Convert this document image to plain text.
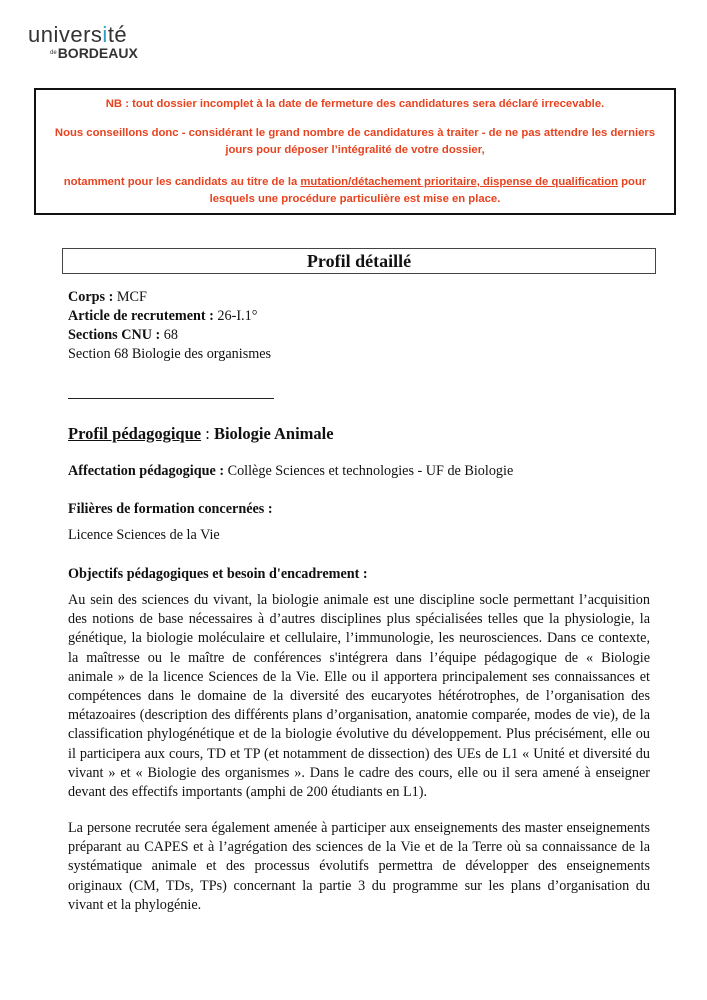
université
$^{de}$BORDEAUX

NB : tout dossier incomplet à la date de fermeture des candidatures sera déclaré irrecevable.

Nous conseillons donc - considérant le grand nombre de candidatures à traiter - de ne pas attendre les derniers
jours pour déposer l’intégralité de votre dossier,

notamment pour les candidats au titre de la mutation/détachement prioritaire, dispense de qualification pour
lesquels une procédure particulière est mise en place.

Profil détaillé
Corps : MCF
Article de recrutement : 26-I.1°
Sections CNU : 68
Section 68 Biologie des organismes
Profil pédagogique : Biologie Animale
Affectation pédagogique : Collège Sciences et technologies - UF de Biologie
Filières de formation concernées :
Licence Sciences de la Vie
Objectifs pédagogiques et besoin d'encadrement :
Au sein des sciences du vivant, la biologie animale est une discipline socle permettant l’acquisition
des notions de base nécessaires à d’autres disciplines plus spécialisées telles que la physiologie, la
génétique, la biologie moléculaire et cellulaire, l’immunologie, les neurosciences. Dans ce contexte,
la maîtresse ou le maître de conférences s'intégrera dans l’équipe pédagogique de « Biologie
animale » de la licence Sciences de la Vie. Elle ou il apportera principalement ses connaissances et
compétences dans le domaine de la diversité des eucaryotes hétérotrophes, de l’organisation des
métazoaires (description des différents plans d’organisation, anatomie comparée, modes de vie), de la
classification phylogénétique et de la biologie évolutive du développement. Plus précisément, elle ou
il participera aux cours, TD et TP (et notamment de dissection) des UEs de L1 « Unité et diversité du
vivant » et « Biologie des organismes ». Dans le cadre des cours, elle ou il sera amené à enseigner
devant des effectifs importants (amphi de 200 étudiants en L1).
La persone recrutée sera également amenée à participer aux enseignements des master enseignements
préparant au CAPES et à l’agrégation des sciences de la Vie et de la Terre où sa connaissance de la
systématique animale et des processus évolutifs permettra de développer des enseignements
originaux (CM, TDs, TPs) concernant la partie 3 du programme sur les plans d’organisation du
vivant et la phylogénie.
